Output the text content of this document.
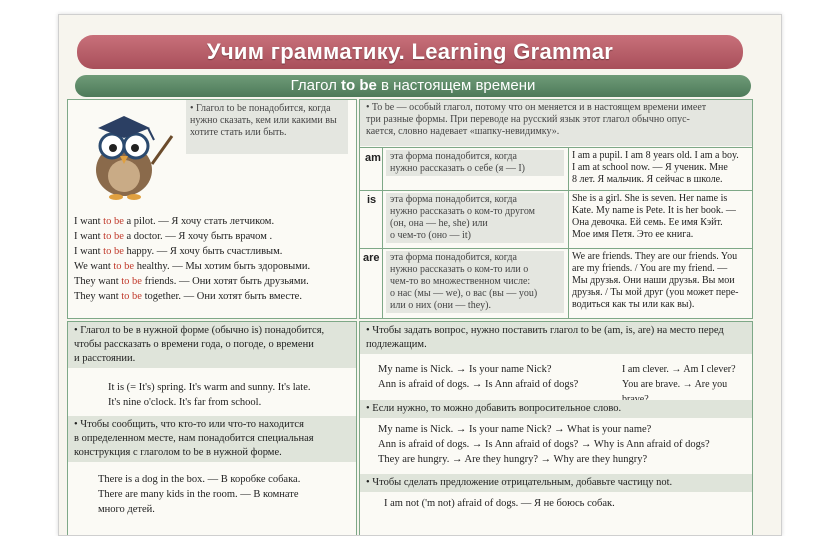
Учим грамматику. Learning Grammar
Глагол to be в настоящем времени
• Глагол to be понадобится, когда нужно сказать, кем или какими вы хотите стать или быть.
I want to be a pilot. — Я хочу стать летчиком.
I want to be a doctor. — Я хочу быть врачом .
I want to be happy. — Я хочу быть счастливым.
We want to be healthy. — Мы хотим быть здоровыми.
They want to be friends. — Они хотят быть друзьями.
They want to be together. — Они хотят быть вместе.
• To be — особый глагол, потому что он меняется и в настоящем времени имеет
три разные формы. При переводе на русский язык этот глагол обычно опус-
кается, словно надевает «шапку-невидимку».
am эта форма понадобится, когда
нужно рассказать о себе (я — I)
I am a pupil. I am 8 years old. I am a boy.
I am at school now. — Я ученик. Мне
8 лет. Я мальчик. Я сейчас в школе.
is эта форма понадобится, когда
нужно рассказать о ком-то другом
(он, она — he, she) или
о чем-то (оно — it)
She is a girl. She is seven. Her name is
Kate. My name is Pete. It is her book. —
Она девочка. Ей семь. Ее имя Кэйт.
Мое имя Петя. Это ее книга.
are эта форма понадобится, когда
нужно рассказать о ком-то или о
чем-то во множественном числе:
о нас (мы — we), о вас (вы — you)
или о них (они — they).
We are friends. They are our friends. You
are my friends. / You are my friend. —
Мы друзья. Они наши друзья. Вы мои
друзья. / Ты мой друг (you может пере-
водиться как ты или как вы).
• Глагол to be в нужной форме (обычно is) понадобится,
чтобы рассказать о времени года, о погоде, о времени
и расстоянии.
It is (= It's) spring. It's warm and sunny. It's late.
It's nine o'clock. It's far from school.
• Чтобы сообщить, что кто-то или что-то находится
в определенном месте, нам понадобится специальная
конструкция с глаголом to be в нужной форме.
There is a dog in the box. — В коробке собака.
There are many kids in the room. — В комнате
много детей.
• Чтобы задать вопрос, нужно поставить глагол to be (am, is, are) на место перед
подлежащим.
My name is Nick. → Is your name Nick?
Ann is afraid of dogs. → Is Ann afraid of dogs?
I am clever. → Am I clever?
You are brave. → Are you
• Если нужно, то можно добавить вопросительное слово.
My name is Nick. → Is your name Nick? → What is your name?
Ann is afraid of dogs. → Is Ann afraid of dogs? → Why is Ann afraid of dogs?
They are hungry. → Are they hungry? → Why are they hungry?
• Чтобы сделать предложение отрицательным, добавьте частицу not.
I am not ('m not) afraid of dogs. — Я не боюсь собак.
